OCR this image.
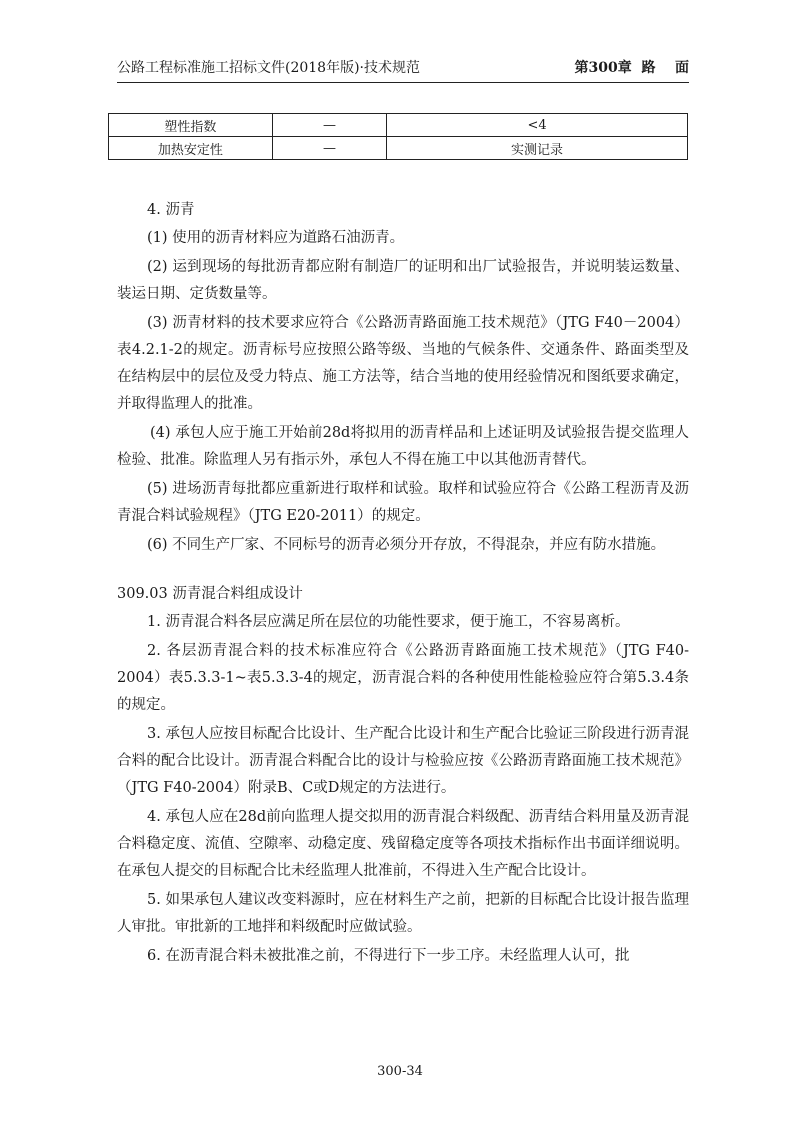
公路工程标准施工招标文件(2018年版)·技术规范	第300章  路    面
塑性指数	—	<4
加热安定性	—	实测记录

4. 沥青

(1) 使用的沥青材料应为道路石油沥青。

(2) 运到现场的每批沥青都应附有制造厂的证明和出厂试验报告，并说明装运数量、装运日期、定货数量等。

(3) 沥青材料的技术要求应符合《公路沥青路面施工技术规范》（JTG F40－2004）表4.2.1-2的规定。沥青标号应按照公路等级、当地的气候条件、交通条件、路面类型及在结构层中的层位及受力特点、施工方法等，结合当地的使用经验情况和图纸要求确定，并取得监理人的批准。

(4) 承包人应于施工开始前28d将拟用的沥青样品和上述证明及试验报告提交监理人检验、批准。除监理人另有指示外，承包人不得在施工中以其他沥青替代。

(5) 进场沥青每批都应重新进行取样和试验。取样和试验应符合《公路工程沥青及沥青混合料试验规程》（JTG E20-2011）的规定。

(6) 不同生产厂家、不同标号的沥青必须分开存放，不得混杂，并应有防水措施。

309.03 沥青混合料组成设计

1. 沥青混合料各层应满足所在层位的功能性要求，便于施工，不容易离析。

2. 各层沥青混合料的技术标准应符合《公路沥青路面施工技术规范》（JTG F40-2004）表5.3.3-1~表5.3.3-4的规定，沥青混合料的各种使用性能检验应符合第5.3.4条的规定。

3. 承包人应按目标配合比设计、生产配合比设计和生产配合比验证三阶段进行沥青混合料的配合比设计。沥青混合料配合比的设计与检验应按《公路沥青路面施工技术规范》（JTG F40-2004）附录B、C或D规定的方法进行。

4. 承包人应在28d前向监理人提交拟用的沥青混合料级配、沥青结合料用量及沥青混合料稳定度、流值、空隙率、动稳定度、残留稳定度等各项技术指标作出书面详细说明。在承包人提交的目标配合比未经监理人批准前，不得进入生产配合比设计。

5. 如果承包人建议改变料源时，应在材料生产之前，把新的目标配合比设计报告监理人审批。审批新的工地拌和料级配时应做试验。

6. 在沥青混合料未被批准之前，不得进行下一步工序。未经监理人认可，批

300-34
